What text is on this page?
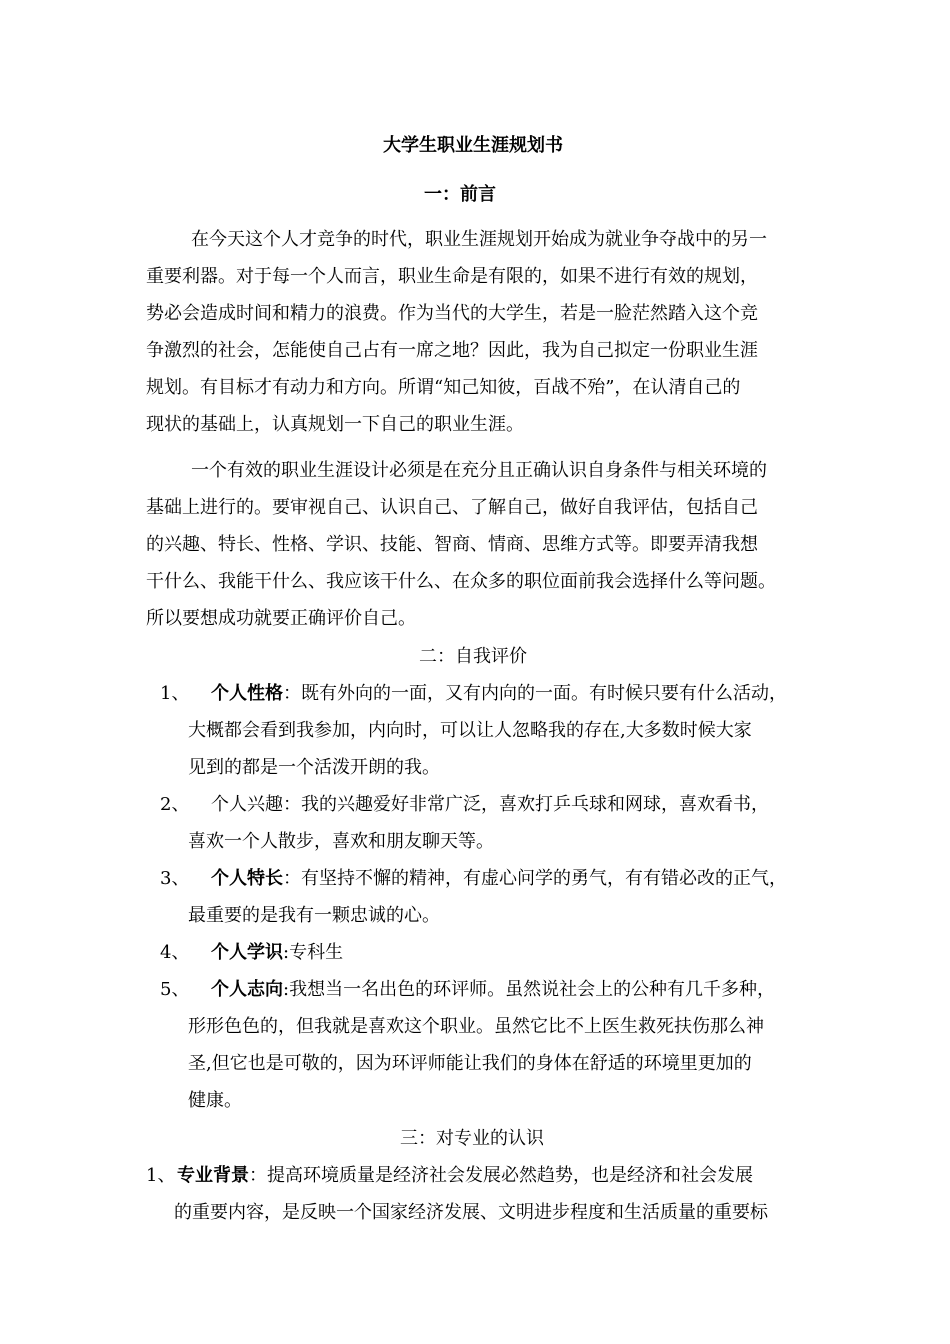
大学生职业生涯规划书
一：前言
在今天这个人才竞争的时代，职业生涯规划开始成为就业争夺战中的另一
重要利器。对于每一个人而言，职业生命是有限的，如果不进行有效的规划，
势必会造成时间和精力的浪费。作为当代的大学生，若是一脸茫然踏入这个竞
争激烈的社会，怎能使自己占有一席之地？因此，我为自己拟定一份职业生涯
规划。有目标才有动力和方向。所谓“知己知彼，百战不殆”，在认清自己的
现状的基础上，认真规划一下自己的职业生涯。
一个有效的职业生涯设计必须是在充分且正确认识自身条件与相关环境的
基础上进行的。要审视自己、认识自己、了解自己，做好自我评估，包括自己
的兴趣、特长、性格、学识、技能、智商、情商、思维方式等。即要弄清我想
干什么、我能干什么、我应该干什么、在众多的职位面前我会选择什么等问题。
所以要想成功就要正确评价自己。
二：自我评价
1、 个人性格：既有外向的一面，又有内向的一面。有时候只要有什么活动，
大概都会看到我参加，内向时，可以让人忽略我的存在,大多数时候大家
见到的都是一个活泼开朗的我。
2、 个人兴趣：我的兴趣爱好非常广泛，喜欢打乒乓球和网球，喜欢看书，
喜欢一个人散步，喜欢和朋友聊天等。
3、 个人特长：有坚持不懈的精神，有虚心问学的勇气，有有错必改的正气，
最重要的是我有一颗忠诚的心。
4、 个人学识:专科生
5、 个人志向:我想当一名出色的环评师。虽然说社会上的公种有几千多种，
形形色色的，但我就是喜欢这个职业。虽然它比不上医生救死扶伤那么神
圣,但它也是可敬的，因为环评师能让我们的身体在舒适的环境里更加的
健康。
三：对专业的认识
1、 专业背景：提高环境质量是经济社会发展必然趋势，也是经济和社会发展
的重要内容，是反映一个国家经济发展、文明进步程度和生活质量的重要标
